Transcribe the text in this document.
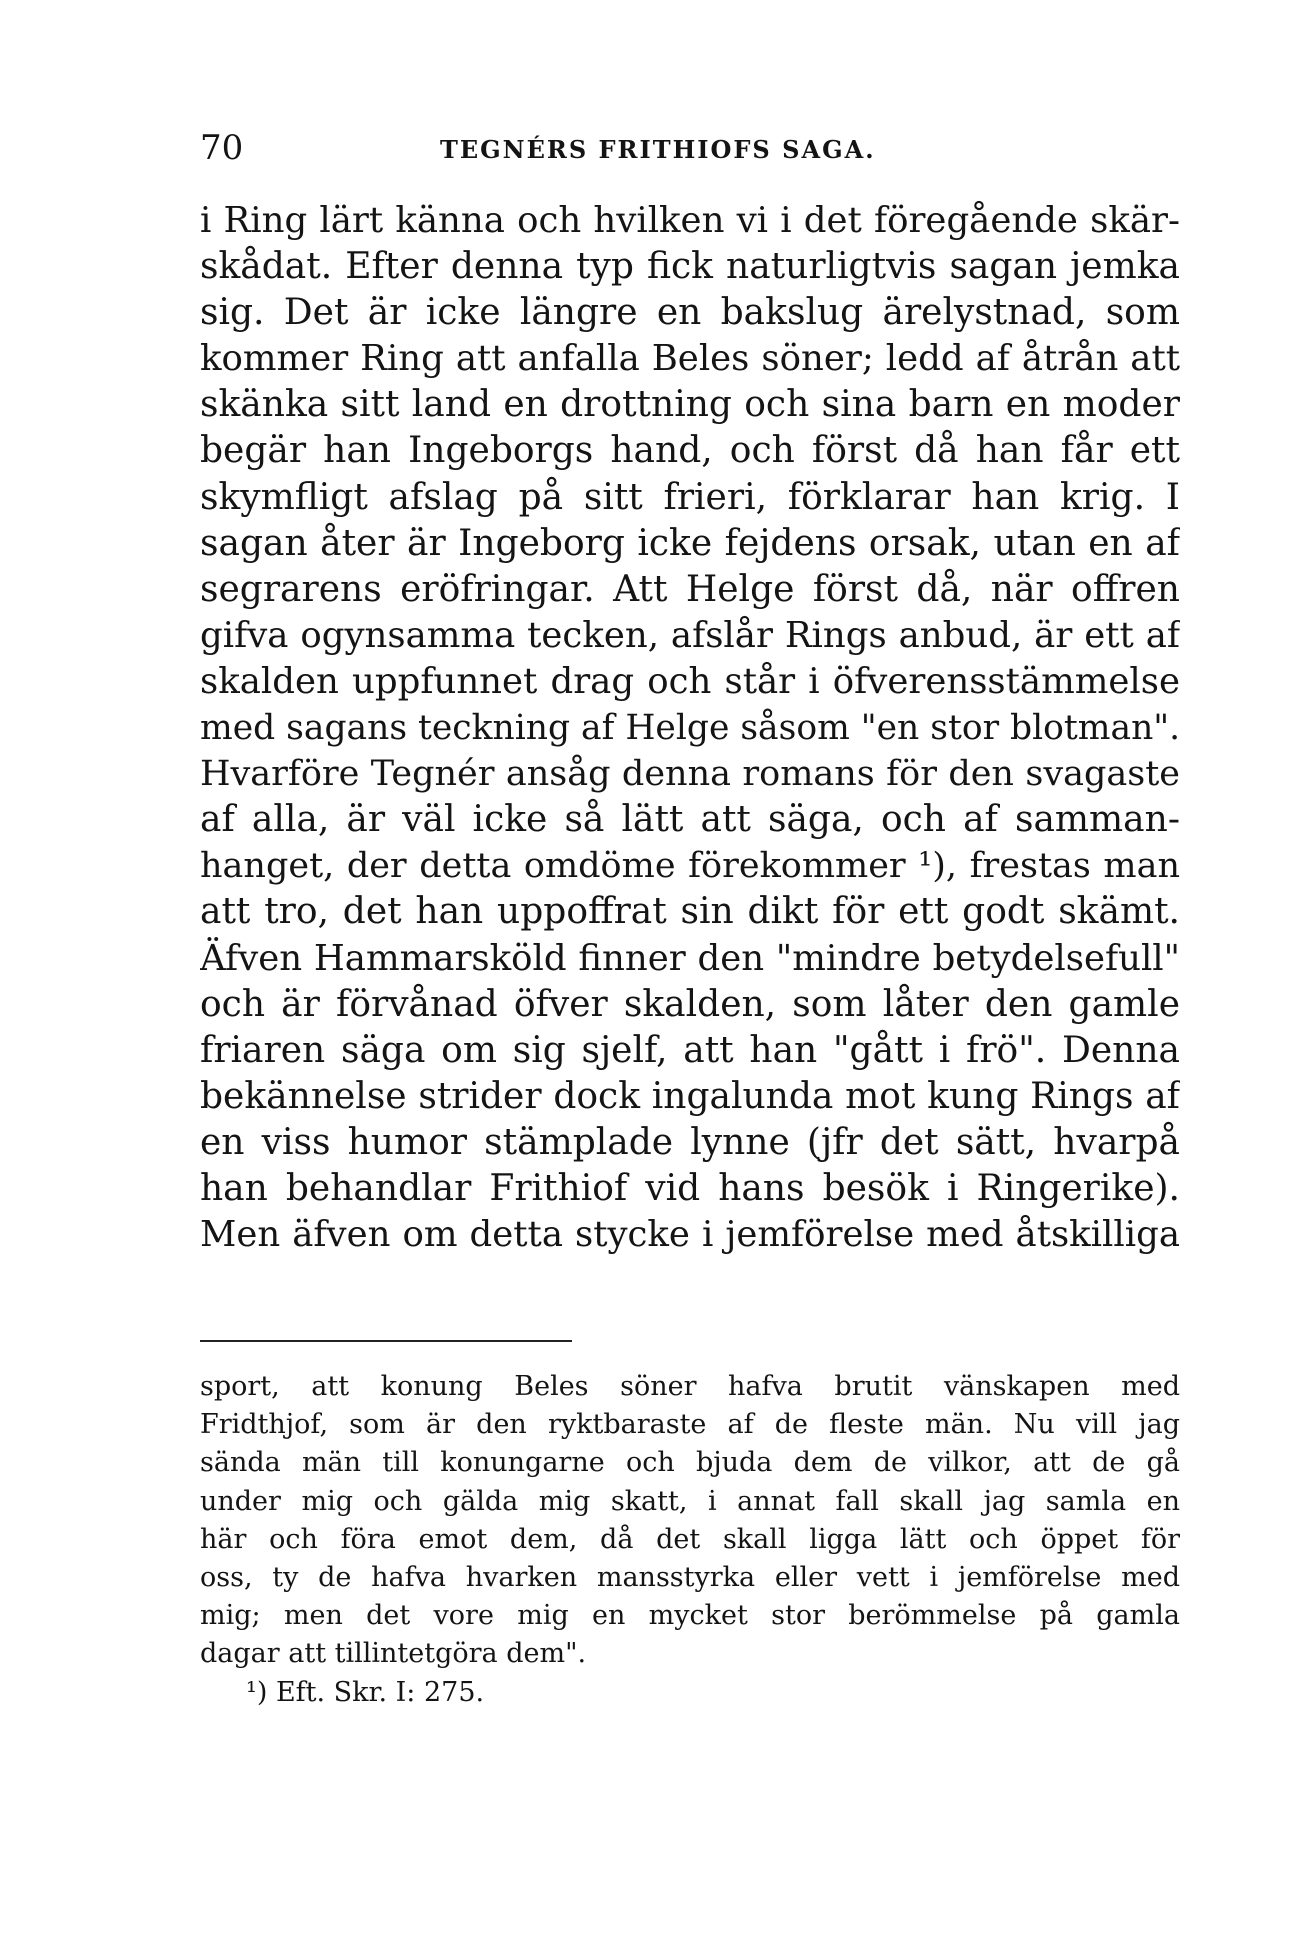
70	TEGNÉRS FRITHIOFS SAGA.
i Ring lärt känna och hvilken vi i det föregående skär-
skådat. Efter denna typ fick naturligtvis sagan jemka
sig. Det är icke längre en bakslug ärelystnad, som
kommer Ring att anfalla Beles söner; ledd af åtrån att
skänka sitt land en drottning och sina barn en moder
begär han Ingeborgs hand, och först då han får ett
skymfligt afslag på sitt frieri, förklarar han krig. I
sagan åter är Ingeborg icke fejdens orsak, utan en af
segrarens eröfringar. Att Helge först då, när offren
gifva ogynsamma tecken, afslår Rings anbud, är ett af
skalden uppfunnet drag och står i öfverensstämmelse
med sagans teckning af Helge såsom "en stor blotman".
Hvarföre Tegnér ansåg denna romans för den svagaste
af alla, är väl icke så lätt att säga, och af samman-
hanget, der detta omdöme förekommer ¹), frestas man
att tro, det han uppoffrat sin dikt för ett godt skämt.
Äfven Hammarsköld finner den "mindre betydelsefull"
och är förvånad öfver skalden, som låter den gamle
friaren säga om sig sjelf, att han "gått i frö". Denna
bekännelse strider dock ingalunda mot kung Rings af
en viss humor stämplade lynne (jfr det sätt, hvarpå
han behandlar Frithiof vid hans besök i Ringerike).
Men äfven om detta stycke i jemförelse med åtskilliga
sport, att konung Beles söner hafva brutit vänskapen med
Fridthjof, som är den ryktbaraste af de fleste män. Nu vill jag
sända män till konungarne och bjuda dem de vilkor, att de gå
under mig och gälda mig skatt, i annat fall skall jag samla en
här och föra emot dem, då det skall ligga lätt och öppet för
oss, ty de hafva hvarken mansstyrka eller vett i jemförelse med
mig; men det vore mig en mycket stor berömmelse på gamla
dagar att tillintetgöra dem".
¹) Eft. Skr. I: 275.
